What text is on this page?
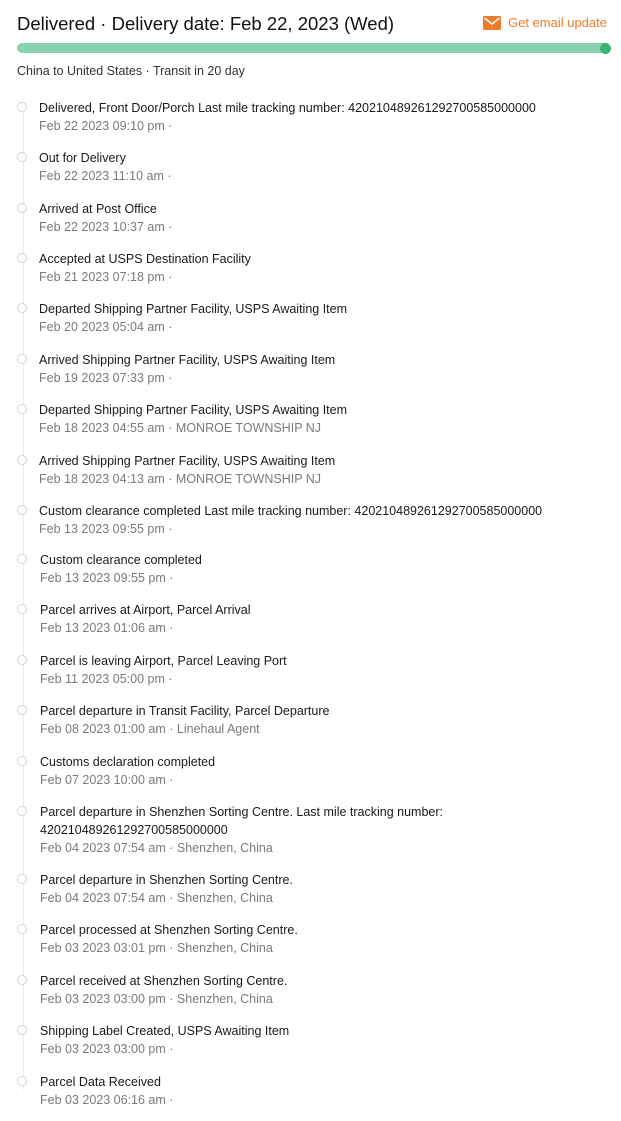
Delivered · Delivery date: Feb 22, 2023 (Wed)	Get email update
China to United States · Transit in 20 day
Delivered, Front Door/Porch Last mile tracking number: 420210489261292700585000000
Feb 22 2023 09:10 pm ·
Out for Delivery
Feb 22 2023 11:10 am ·
Arrived at Post Office
Feb 22 2023 10:37 am ·
Accepted at USPS Destination Facility
Feb 21 2023 07:18 pm ·
Departed Shipping Partner Facility, USPS Awaiting Item
Feb 20 2023 05:04 am ·
Arrived Shipping Partner Facility, USPS Awaiting Item
Feb 19 2023 07:33 pm ·
Departed Shipping Partner Facility, USPS Awaiting Item
Feb 18 2023 04:55 am · MONROE TOWNSHIP NJ
Arrived Shipping Partner Facility, USPS Awaiting Item
Feb 18 2023 04:13 am · MONROE TOWNSHIP NJ
Custom clearance completed Last mile tracking number: 420210489261292700585000000
Feb 13 2023 09:55 pm ·
Custom clearance completed
Feb 13 2023 09:55 pm ·
Parcel arrives at Airport, Parcel Arrival
Feb 13 2023 01:06 am ·
Parcel is leaving Airport, Parcel Leaving Port
Feb 11 2023 05:00 pm ·
Parcel departure in Transit Facility, Parcel Departure
Feb 08 2023 01:00 am · Linehaul Agent
Customs declaration completed
Feb 07 2023 10:00 am ·
Parcel departure in Shenzhen Sorting Centre. Last mile tracking number: 420210489261292700585000000
Feb 04 2023 07:54 am · Shenzhen, China
Parcel departure in Shenzhen Sorting Centre.
Feb 04 2023 07:54 am · Shenzhen, China
Parcel processed at Shenzhen Sorting Centre.
Feb 03 2023 03:01 pm · Shenzhen, China
Parcel received at Shenzhen Sorting Centre.
Feb 03 2023 03:00 pm · Shenzhen, China
Shipping Label Created, USPS Awaiting Item
Feb 03 2023 03:00 pm ·
Parcel Data Received
Feb 03 2023 06:16 am ·
